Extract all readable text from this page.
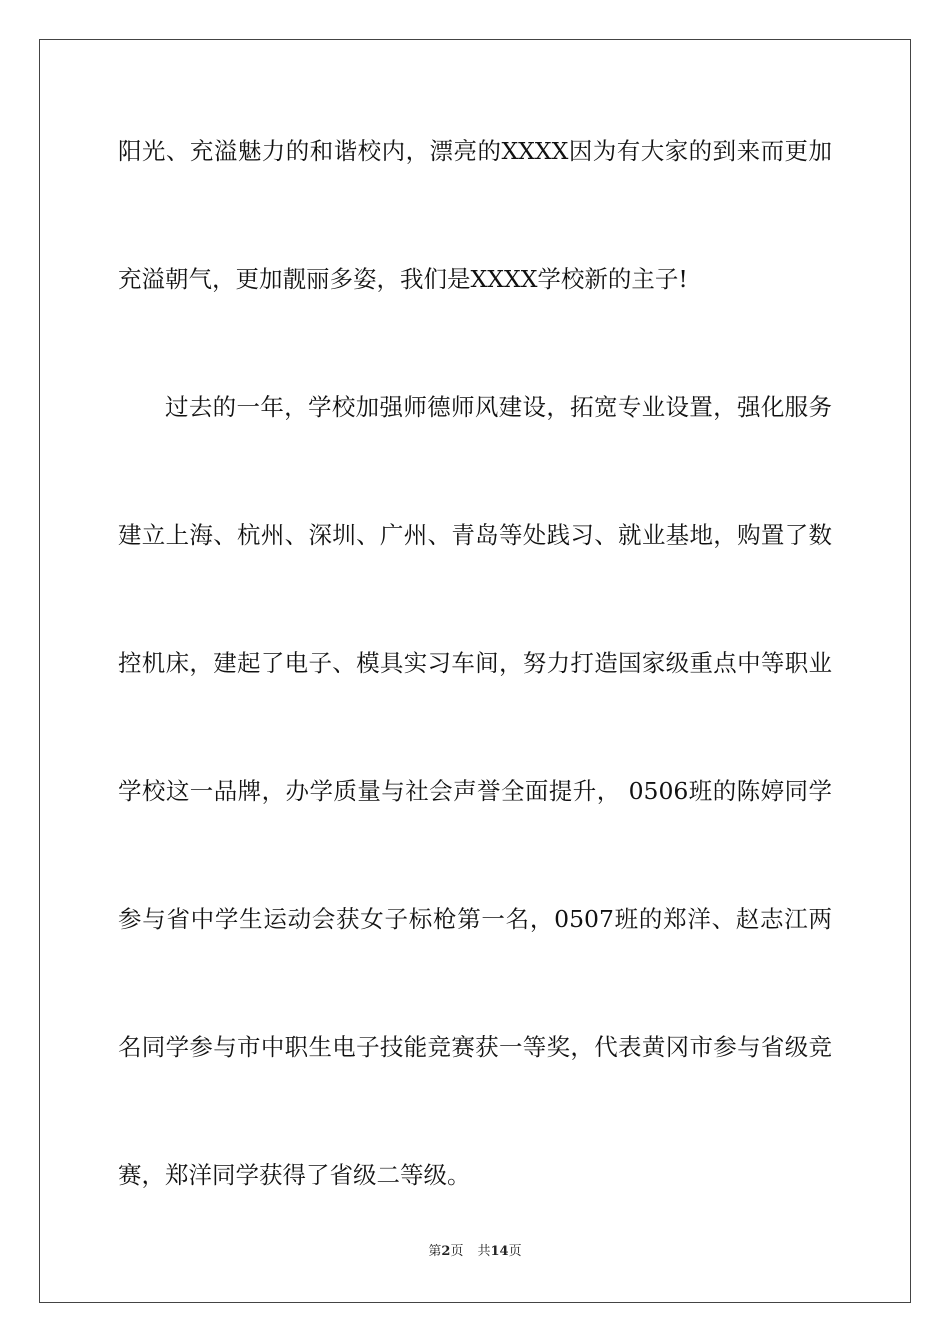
阳光、充溢魅力的和谐校内，漂亮的XXXX因为有大家的到来而更加
充溢朝气，更加靓丽多姿，我们是XXXX学校新的主子!
过去的一年，学校加强师德师风建设，拓宽专业设置，强化服务
建立上海、杭州、深圳、广州、青岛等处践习、就业基地，购置了数
控机床，建起了电子、模具实习车间，努力打造国家级重点中等职业
学校这一品牌，办学质量与社会声誉全面提升， 0506班的陈婷同学
参与省中学生运动会获女子标枪第一名，0507班的郑洋、赵志江两
名同学参与市中职生电子技能竞赛获一等奖，代表黄冈市参与省级竞
赛，郑洋同学获得了省级二等级。
第2页 共14页
